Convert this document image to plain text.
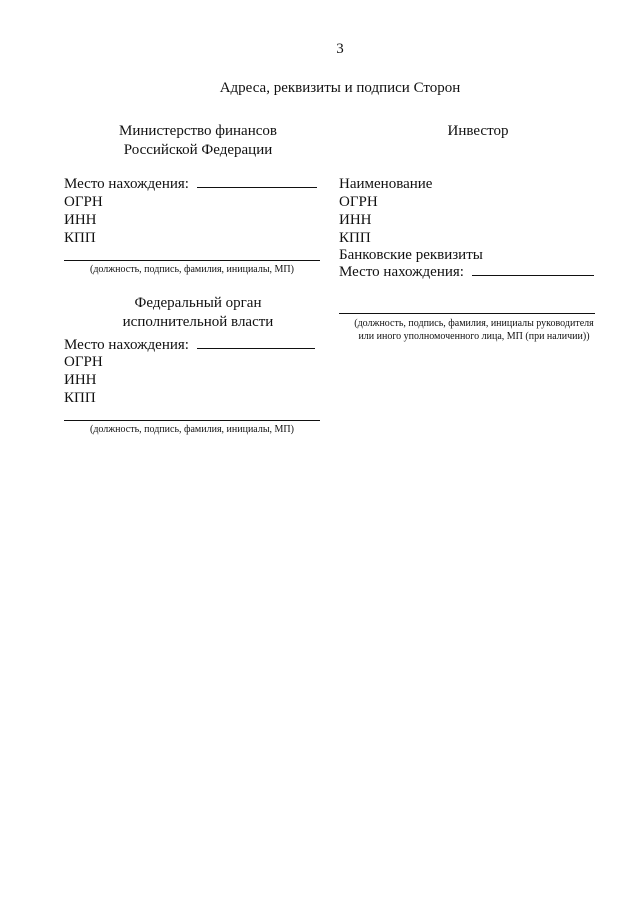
3
Адреса, реквизиты и подписи Сторон
Министерство финансов
Российской Федерации
Место нахождения:
ОГРН
ИНН
КПП
(должность, подпись, фамилия, инициалы, МП)
Федеральный орган
исполнительной власти
Место нахождения:
ОГРН
ИНН
КПП
(должность, подпись, фамилия, инициалы, МП)
Инвестор
Наименование
ОГРН
ИНН
КПП
Банковские реквизиты
Место нахождения:
(должность, подпись, фамилия, инициалы руководителя
или иного уполномоченного лица, МП (при наличии))
